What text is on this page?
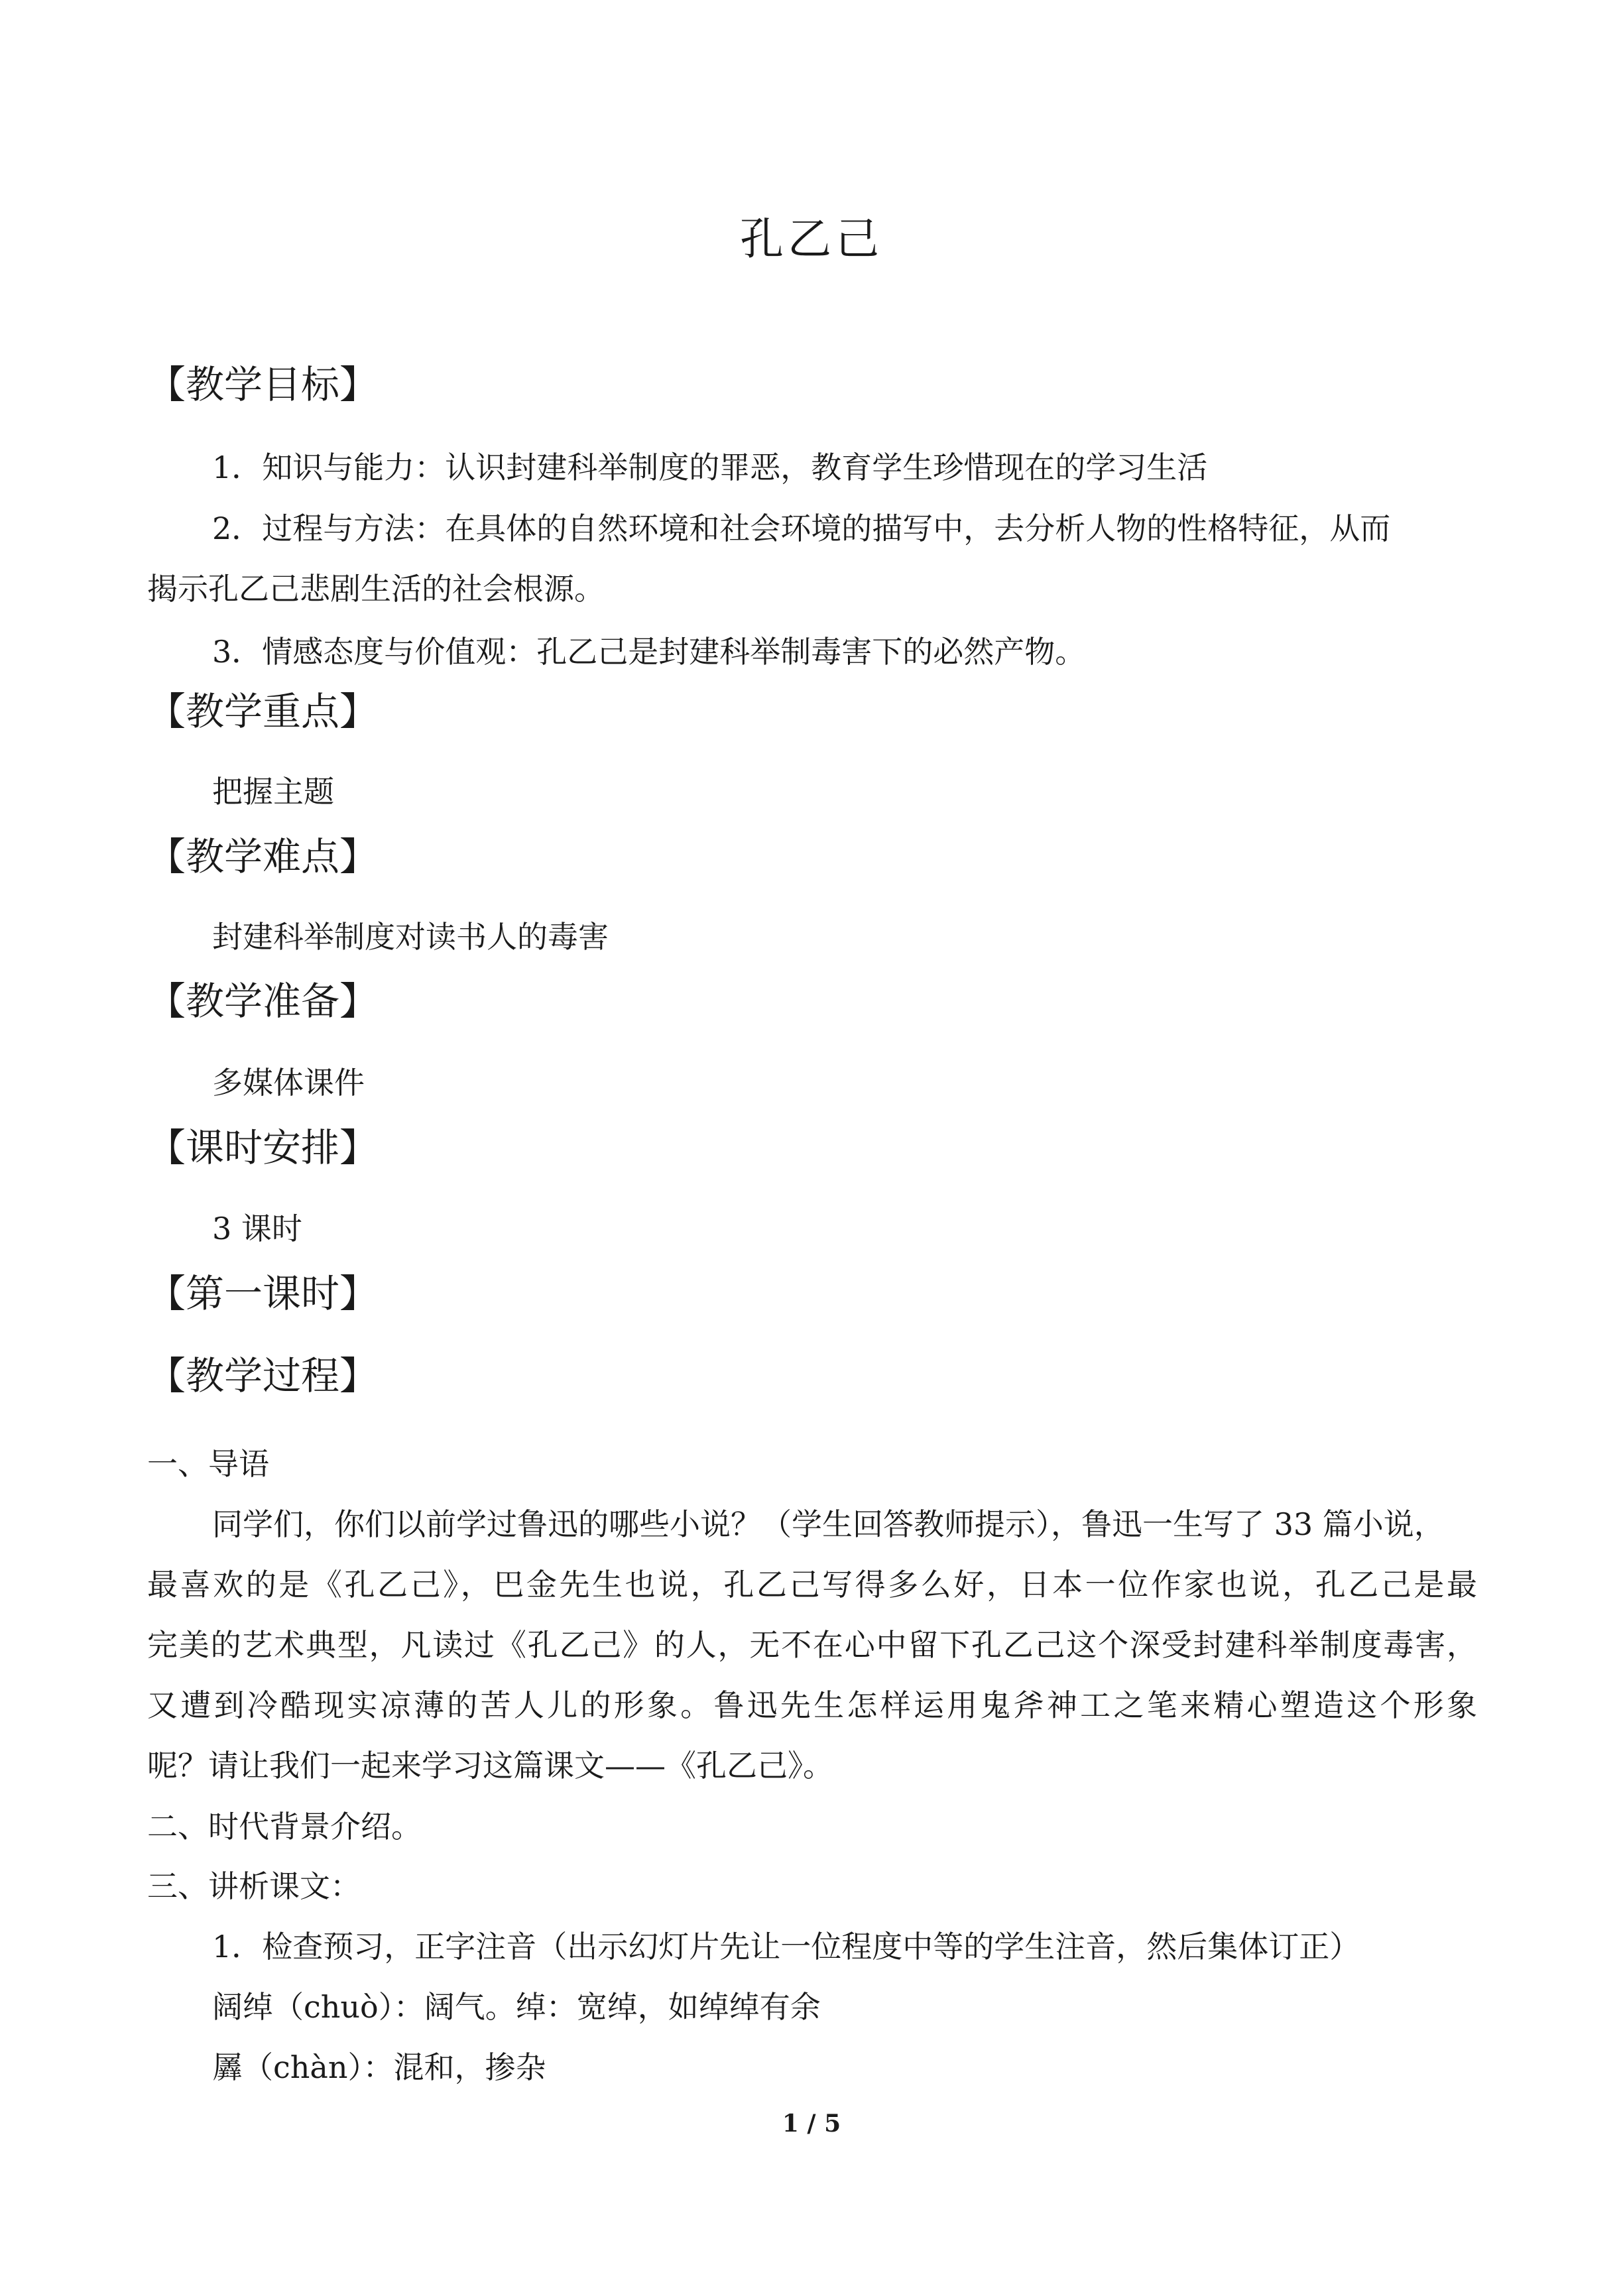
孔乙己
【教学目标】
1．知识与能力：认识封建科举制度的罪恶，教育学生珍惜现在的学习生活
2．过程与方法：在具体的自然环境和社会环境的描写中，去分析人物的性格特征，从而
揭示孔乙己悲剧生活的社会根源。
3．情感态度与价值观：孔乙己是封建科举制毒害下的必然产物。
【教学重点】
把握主题
【教学难点】
封建科举制度对读书人的毒害
【教学准备】
多媒体课件
【课时安排】
3 课时
【第一课时】
【教学过程】
一、导语
同学们，你们以前学过鲁迅的哪些小说？（学生回答教师提示），鲁迅一生写了 33 篇小说，
最喜欢的是《孔乙己》，巴金先生也说，孔乙己写得多么好，日本一位作家也说，孔乙己是最
完美的艺术典型，凡读过《孔乙己》的人，无不在心中留下孔乙己这个深受封建科举制度毒害，
又遭到冷酷现实凉薄的苦人儿的形象。鲁迅先生怎样运用鬼斧神工之笔来精心塑造这个形象
呢？请让我们一起来学习这篇课文——《孔乙己》。
二、时代背景介绍。
三、讲析课文：
1．检查预习，正字注音（出示幻灯片先让一位程度中等的学生注音，然后集体订正）
阔绰（chuò）：阔气。绰：宽绰，如绰绰有余
羼（chàn）：混和，掺杂
1 / 5
